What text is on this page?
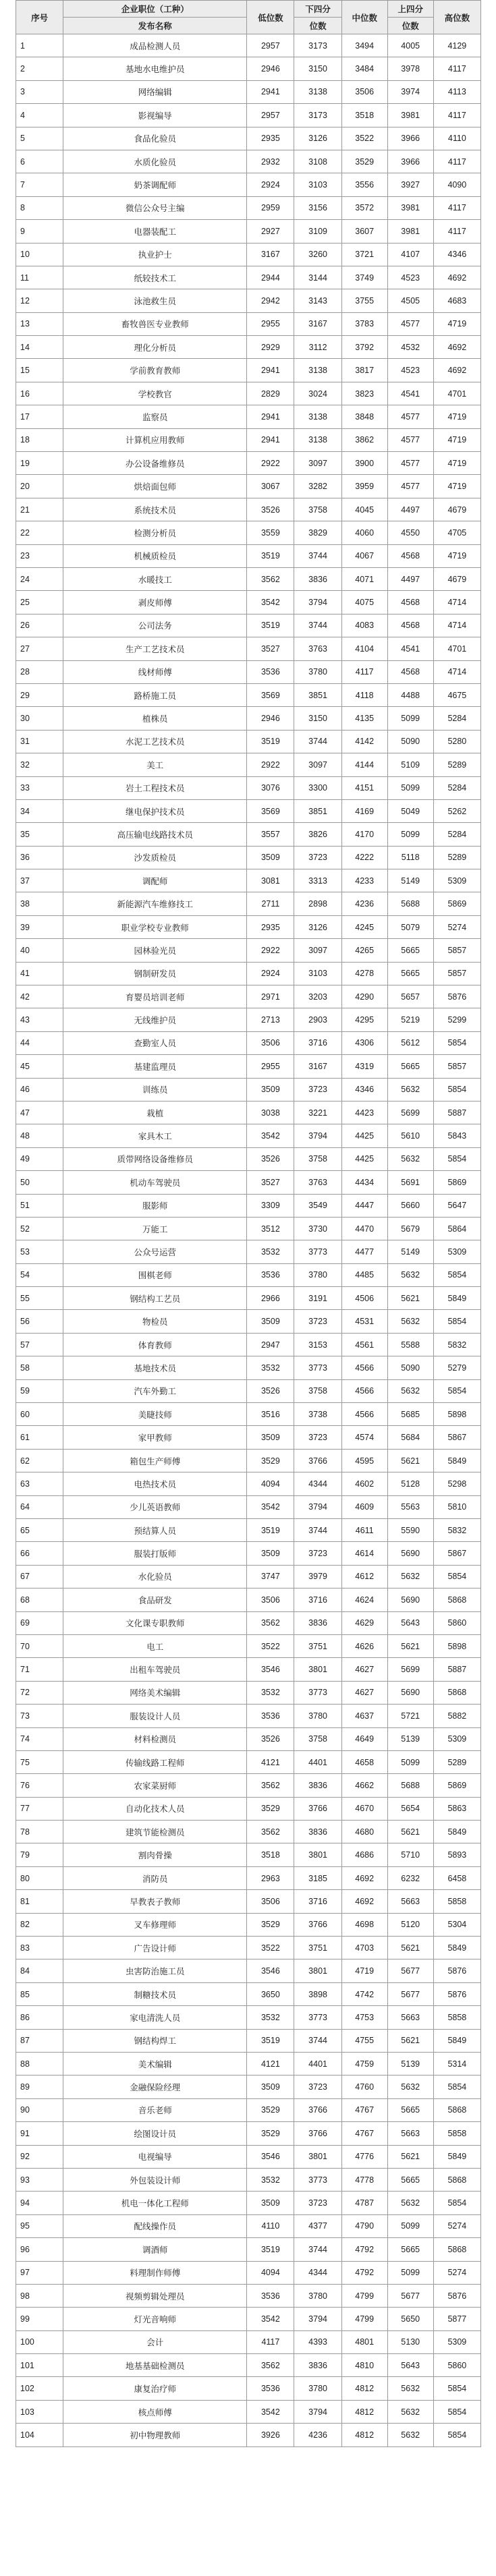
序号	企业职位（工种）	低位数	下四分	中位数	上四分	高位数
	发布名称		位数		位数	
1	成品检测人员	2957	3173	3494	4005	4129
2	基地水电维护员	2946	3150	3484	3978	4117
3	网络编辑	2941	3138	3506	3974	4113
4	影视编导	2957	3173	3518	3981	4117
5	食品化验员	2935	3126	3522	3966	4110
6	水质化验员	2932	3108	3529	3966	4117
7	奶茶调配师	2924	3103	3556	3927	4090
8	微信公众号主编	2959	3156	3572	3981	4117
9	电器装配工	2927	3109	3607	3981	4117
10	执业护士	3167	3260	3721	4107	4346
11	纸较技术工	2944	3144	3749	4523	4692
12	泳池救生员	2942	3143	3755	4505	4683
13	畜牧兽医专业教师	2955	3167	3783	4577	4719
14	理化分析员	2929	3112	3792	4532	4692
15	学前教育教师	2941	3138	3817	4523	4692
16	学校教官	2829	3024	3823	4541	4701
17	监察员	2941	3138	3848	4577	4719
18	计算机应用教师	2941	3138	3862	4577	4719
19	办公设备维修员	2922	3097	3900	4577	4719
20	烘焙面包师	3067	3282	3959	4577	4719
21	系统技术员	3526	3758	4045	4497	4679
22	检测分析员	3559	3829	4060	4550	4705
23	机械质检员	3519	3744	4067	4568	4719
24	水暖技工	3562	3836	4071	4497	4679
25	剥皮师傅	3542	3794	4075	4568	4714
26	公司法务	3519	3744	4083	4568	4714
27	生产工艺技术员	3527	3763	4104	4541	4701
28	线材师傅	3536	3780	4117	4568	4714
29	路桥施工员	3569	3851	4118	4488	4675
30	植株员	2946	3150	4135	5099	5284
31	水泥工艺技术员	3519	3744	4142	5090	5280
32	美工	2922	3097	4144	5109	5289
33	岩土工程技术员	3076	3300	4151	5099	5284
34	继电保护技术员	3569	3851	4169	5049	5262
35	高压输电线路技术员	3557	3826	4170	5099	5284
36	沙发质检员	3509	3723	4222	5118	5289
37	调配师	3081	3313	4233	5149	5309
38	新能源汽车维修技工	2711	2898	4236	5688	5869
39	职业学校专业教师	2935	3126	4245	5079	5274
40	园林验光员	2922	3097	4265	5665	5857
41	钢制研发员	2924	3103	4278	5665	5857
42	育婴员培训老师	2971	3203	4290	5657	5876
43	无线维护员	2713	2903	4295	5219	5299
44	查勤室人员	3506	3716	4306	5612	5854
45	基建监理员	2955	3167	4319	5665	5857
46	训练员	3509	3723	4346	5632	5854
47	栽植	3038	3221	4423	5699	5887
48	家具木工	3542	3794	4425	5610	5843
49	质带网络设备维修员	3526	3758	4425	5632	5854
50	机动车驾驶员	3527	3763	4434	5691	5869
51	服影师	3309	3549	4447	5660	5647
52	万能工	3512	3730	4470	5679	5864
53	公众号运营	3532	3773	4477	5149	5309
54	围棋老师	3536	3780	4485	5632	5854
55	钢结构工艺员	2966	3191	4506	5621	5849
56	物检员	3509	3723	4531	5632	5854
57	体育教师	2947	3153	4561	5588	5832
58	基地技术员	3532	3773	4566	5090	5279
59	汽车外勤工	3526	3758	4566	5632	5854
60	美睫技师	3516	3738	4566	5685	5898
61	家甲教师	3509	3723	4574	5684	5867
62	箱包生产师傅	3529	3766	4595	5621	5849
63	电热技术员	4094	4344	4602	5128	5298
64	少儿英语教师	3542	3794	4609	5563	5810
65	预结算人员	3519	3744	4611	5590	5832
66	服装打版师	3509	3723	4614	5690	5867
67	水化验员	3747	3979	4612	5632	5854
68	食品研发	3506	3716	4624	5690	5868
69	文化课专职教师	3562	3836	4629	5643	5860
70	电工	3522	3751	4626	5621	5898
71	出租车驾驶员	3546	3801	4627	5699	5887
72	网络美术编辑	3532	3773	4627	5690	5868
73	服装设计人员	3536	3780	4637	5721	5882
74	材料检测员	3526	3758	4649	5139	5309
75	传输线路工程师	4121	4401	4658	5099	5289
76	农家菜厨师	3562	3836	4662	5688	5869
77	自动化技术人员	3529	3766	4670	5654	5863
78	建筑节能检测员	3562	3836	4680	5621	5849
79	割肉骨操	3518	3801	4686	5710	5893
80	消防员	2963	3185	4692	6232	6458
81	早教表子教师	3506	3716	4692	5663	5858
82	叉车修理师	3529	3766	4698	5120	5304
83	广告设计师	3522	3751	4703	5621	5849
84	虫害防治施工员	3546	3801	4719	5677	5876
85	制糖技术员	3650	3898	4742	5677	5876
86	家电清洗人员	3532	3773	4753	5663	5858
87	钢结构焊工	3519	3744	4755	5621	5849
88	美术编辑	4121	4401	4759	5139	5314
89	金融保险经理	3509	3723	4760	5632	5854
90	音乐老师	3529	3766	4767	5665	5868
91	绘图设计员	3529	3766	4767	5663	5858
92	电视编导	3546	3801	4776	5621	5849
93	外包装设计师	3532	3773	4778	5665	5868
94	机电一体化工程师	3509	3723	4787	5632	5854
95	配线操作员	4110	4377	4790	5099	5274
96	调酒师	3519	3744	4792	5665	5868
97	料理制作师傅	4094	4344	4792	5099	5274
98	视频剪辑处理员	3536	3780	4799	5677	5876
99	灯光音响师	3542	3794	4799	5650	5877
100	会计	4117	4393	4801	5130	5309
101	地基基础检测员	3562	3836	4810	5643	5860
102	康复治疗师	3536	3780	4812	5632	5854
103	核点师傅	3542	3794	4812	5632	5854
104	初中物理教师	3926	4236	4812	5632	5854
